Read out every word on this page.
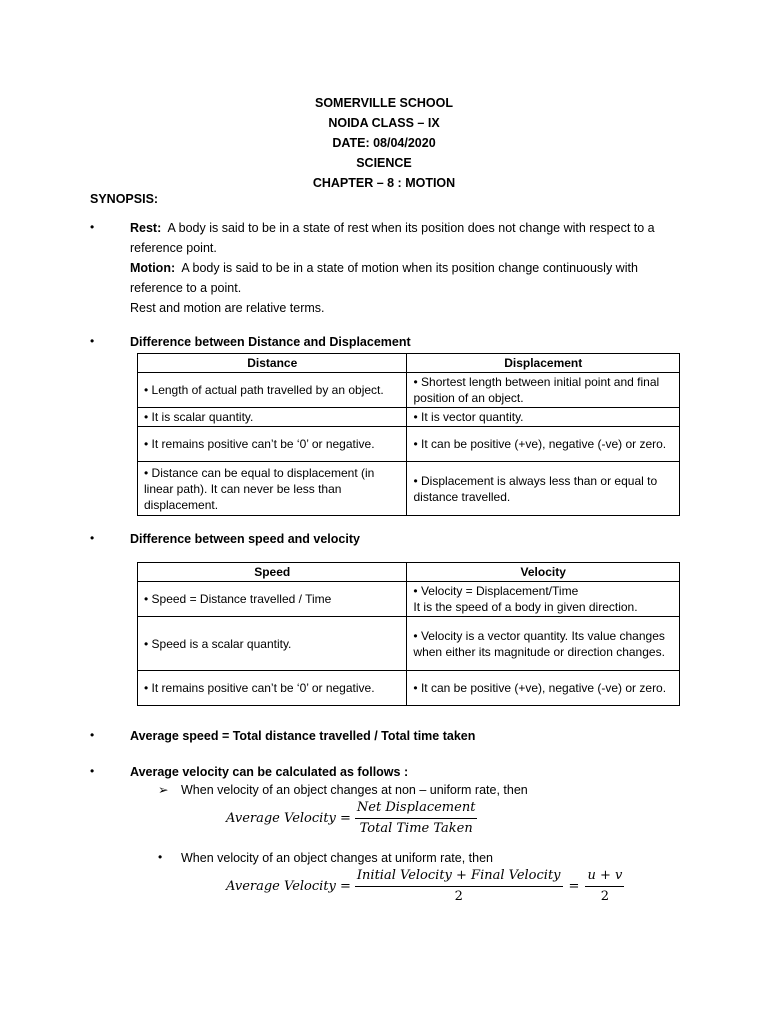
SOMERVILLE SCHOOL
NOIDA CLASS – IX
DATE: 08/04/2020
SCIENCE
CHAPTER – 8 : MOTION
SYNOPSIS:
•	Rest:  A body is said to be in a state of rest when its position does not change with respect to a

reference point.

Motion:  A body is said to be in a state of motion when its position change continuously with

reference to a point.

Rest and motion are relative terms.

•	Difference between Distance and Displacement
Distance	Displacement
• Length of actual path travelled by an object.	• Shortest length between initial point and final position of an object.
• It is scalar quantity.	• It is vector quantity.
• It remains positive can’t be ‘0’ or negative.	• It can be positive (+ve), negative (-ve) or zero.
• Distance can be equal to displacement (in linear path). It can never be less than displacement.	• Displacement is always less than or equal to distance travelled.
•	Difference between speed and velocity
Speed	Velocity
• Speed = Distance travelled / Time	• Velocity = Displacement/Time
It is the speed of a body in given direction.
• Speed is a scalar quantity.	• Velocity is a vector quantity. Its value changes when either its magnitude or direction changes.
• It remains positive can’t be ‘0’ or negative.	• It can be positive (+ve), negative (-ve) or zero.
•	Average speed = Total distance travelled / Total time taken
•	Average velocity can be calculated as follows :
➢ When velocity of an object changes at non – uniform rate, then
Average Velocity = $\frac{\text{Net Displacement}}{\text{Total Time Taken}}$
• When velocity of an object changes at uniform rate, then
Average Velocity = $\frac{\text{Initial Velocity + Final Velocity}}{2} = \frac{u + v}{2}$
